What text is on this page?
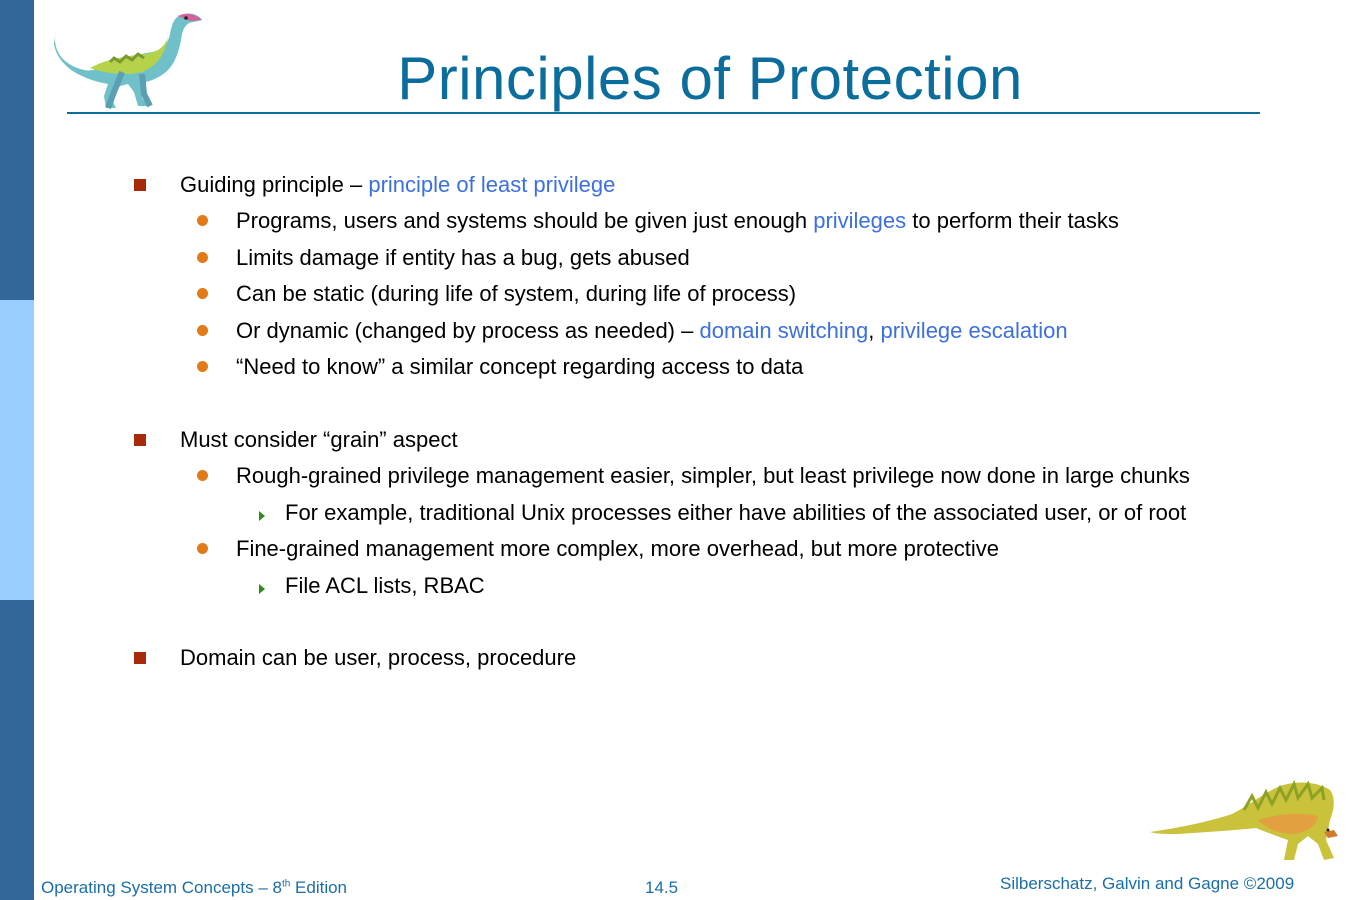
Principles of Protection
Guiding principle – principle of least privilege
Programs, users and systems should be given just enough privileges to perform their tasks
Limits damage if entity has a bug, gets abused
Can be static (during life of system, during life of process)
Or dynamic (changed by process as needed) – domain switching, privilege escalation
“Need to know” a similar concept regarding access to data
Must consider “grain” aspect
Rough-grained privilege management easier, simpler, but least privilege now done in large chunks
For example, traditional Unix processes either have abilities of the associated user, or of root
Fine-grained management more complex, more overhead, but more protective
File ACL lists, RBAC
Domain can be user, process, procedure
Operating System Concepts – 8th Edition	14.5	Silberschatz, Galvin and Gagne ©2009
